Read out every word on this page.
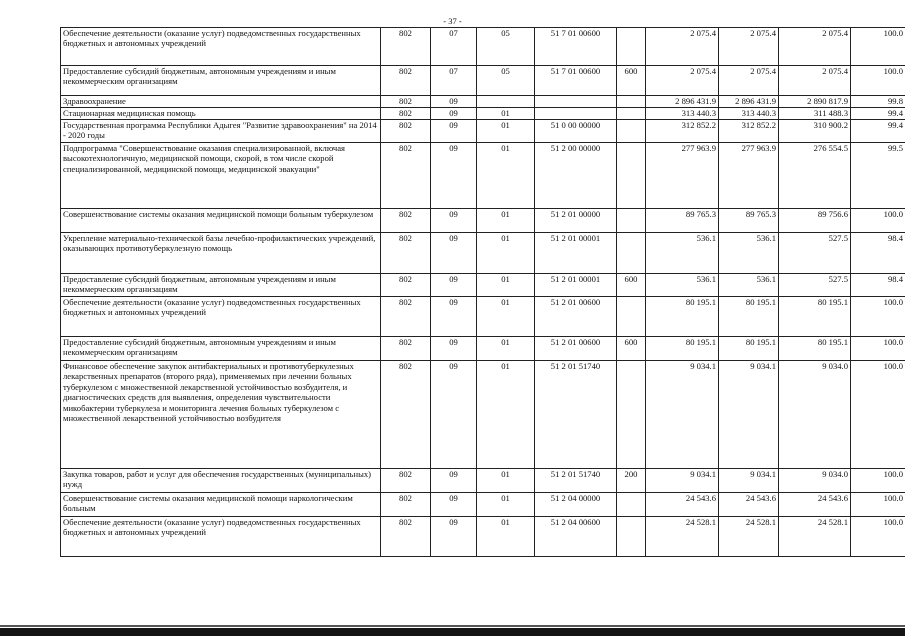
- 37 -
Обеспечение деятельности (оказание услуг) подведомственных государственных бюджетных и автономных учреждений	802	07	05	51 7 01 00600		2 075.4	2 075.4	2 075.4	100.0
Предоставление субсидий бюджетным, автономным учреждениям и иным некоммерческим организациям	802	07	05	51 7 01 00600	600	2 075.4	2 075.4	2 075.4	100.0
Здравоохранение	802	09				2 896 431.9	2 896 431.9	2 890 817.9	99.8
Стационарная медицинская помощь	802	09	01			313 440.3	313 440.3	311 488.3	99.4
Государственная программа Республики Адыгея "Развитие здравоохранения" на 2014 - 2020 годы	802	09	01	51 0 00 00000		312 852.2	312 852.2	310 900.2	99.4
Подпрограмма "Совершенствование оказания специализированной, включая высокотехнологичную, медицинской помощи, скорой, в том числе скорой специализированной, медицинской помощи, медицинской эвакуации"	802	09	01	51 2 00 00000		277 963.9	277 963.9	276 554.5	99.5
Совершенствование системы оказания медицинской помощи больным туберкулезом	802	09	01	51 2 01 00000		89 765.3	89 765.3	89 756.6	100.0
Укрепление материально-технической базы лечебно-профилактических учреждений, оказывающих противотуберкулезную помощь	802	09	01	51 2 01 00001		536.1	536.1	527.5	98.4
Предоставление субсидий бюджетным, автономным учреждениям и иным некоммерческим организациям	802	09	01	51 2 01 00001	600	536.1	536.1	527.5	98.4
Обеспечение деятельности (оказание услуг) подведомственных государственных бюджетных и автономных учреждений	802	09	01	51 2 01 00600		80 195.1	80 195.1	80 195.1	100.0
Предоставление субсидий бюджетным, автономным учреждениям и иным некоммерческим организациям	802	09	01	51 2 01 00600	600	80 195.1	80 195.1	80 195.1	100.0
Финансовое обеспечение закупок антибактериальных и противотуберкулезных лекарственных препаратов (второго ряда), применяемых при лечении больных туберкулезом с множественной лекарственной устойчивостью возбудителя, и диагностических средств для выявления, определения чувствительности микобактерии туберкулеза и мониторинга лечения больных туберкулезом с множественной лекарственной устойчивостью возбудителя	802	09	01	51 2 01 51740		9 034.1	9 034.1	9 034.0	100.0
Закупка товаров, работ и услуг для обеспечения государственных (муниципальных) нужд	802	09	01	51 2 01 51740	200	9 034.1	9 034.1	9 034.0	100.0
Совершенствование системы оказания медицинской помощи наркологическим больным	802	09	01	51 2 04 00000		24 543.6	24 543.6	24 543.6	100.0
Обеспечение деятельности (оказание услуг) подведомственных государственных бюджетных и автономных учреждений	802	09	01	51 2 04 00600		24 528.1	24 528.1	24 528.1	100.0
